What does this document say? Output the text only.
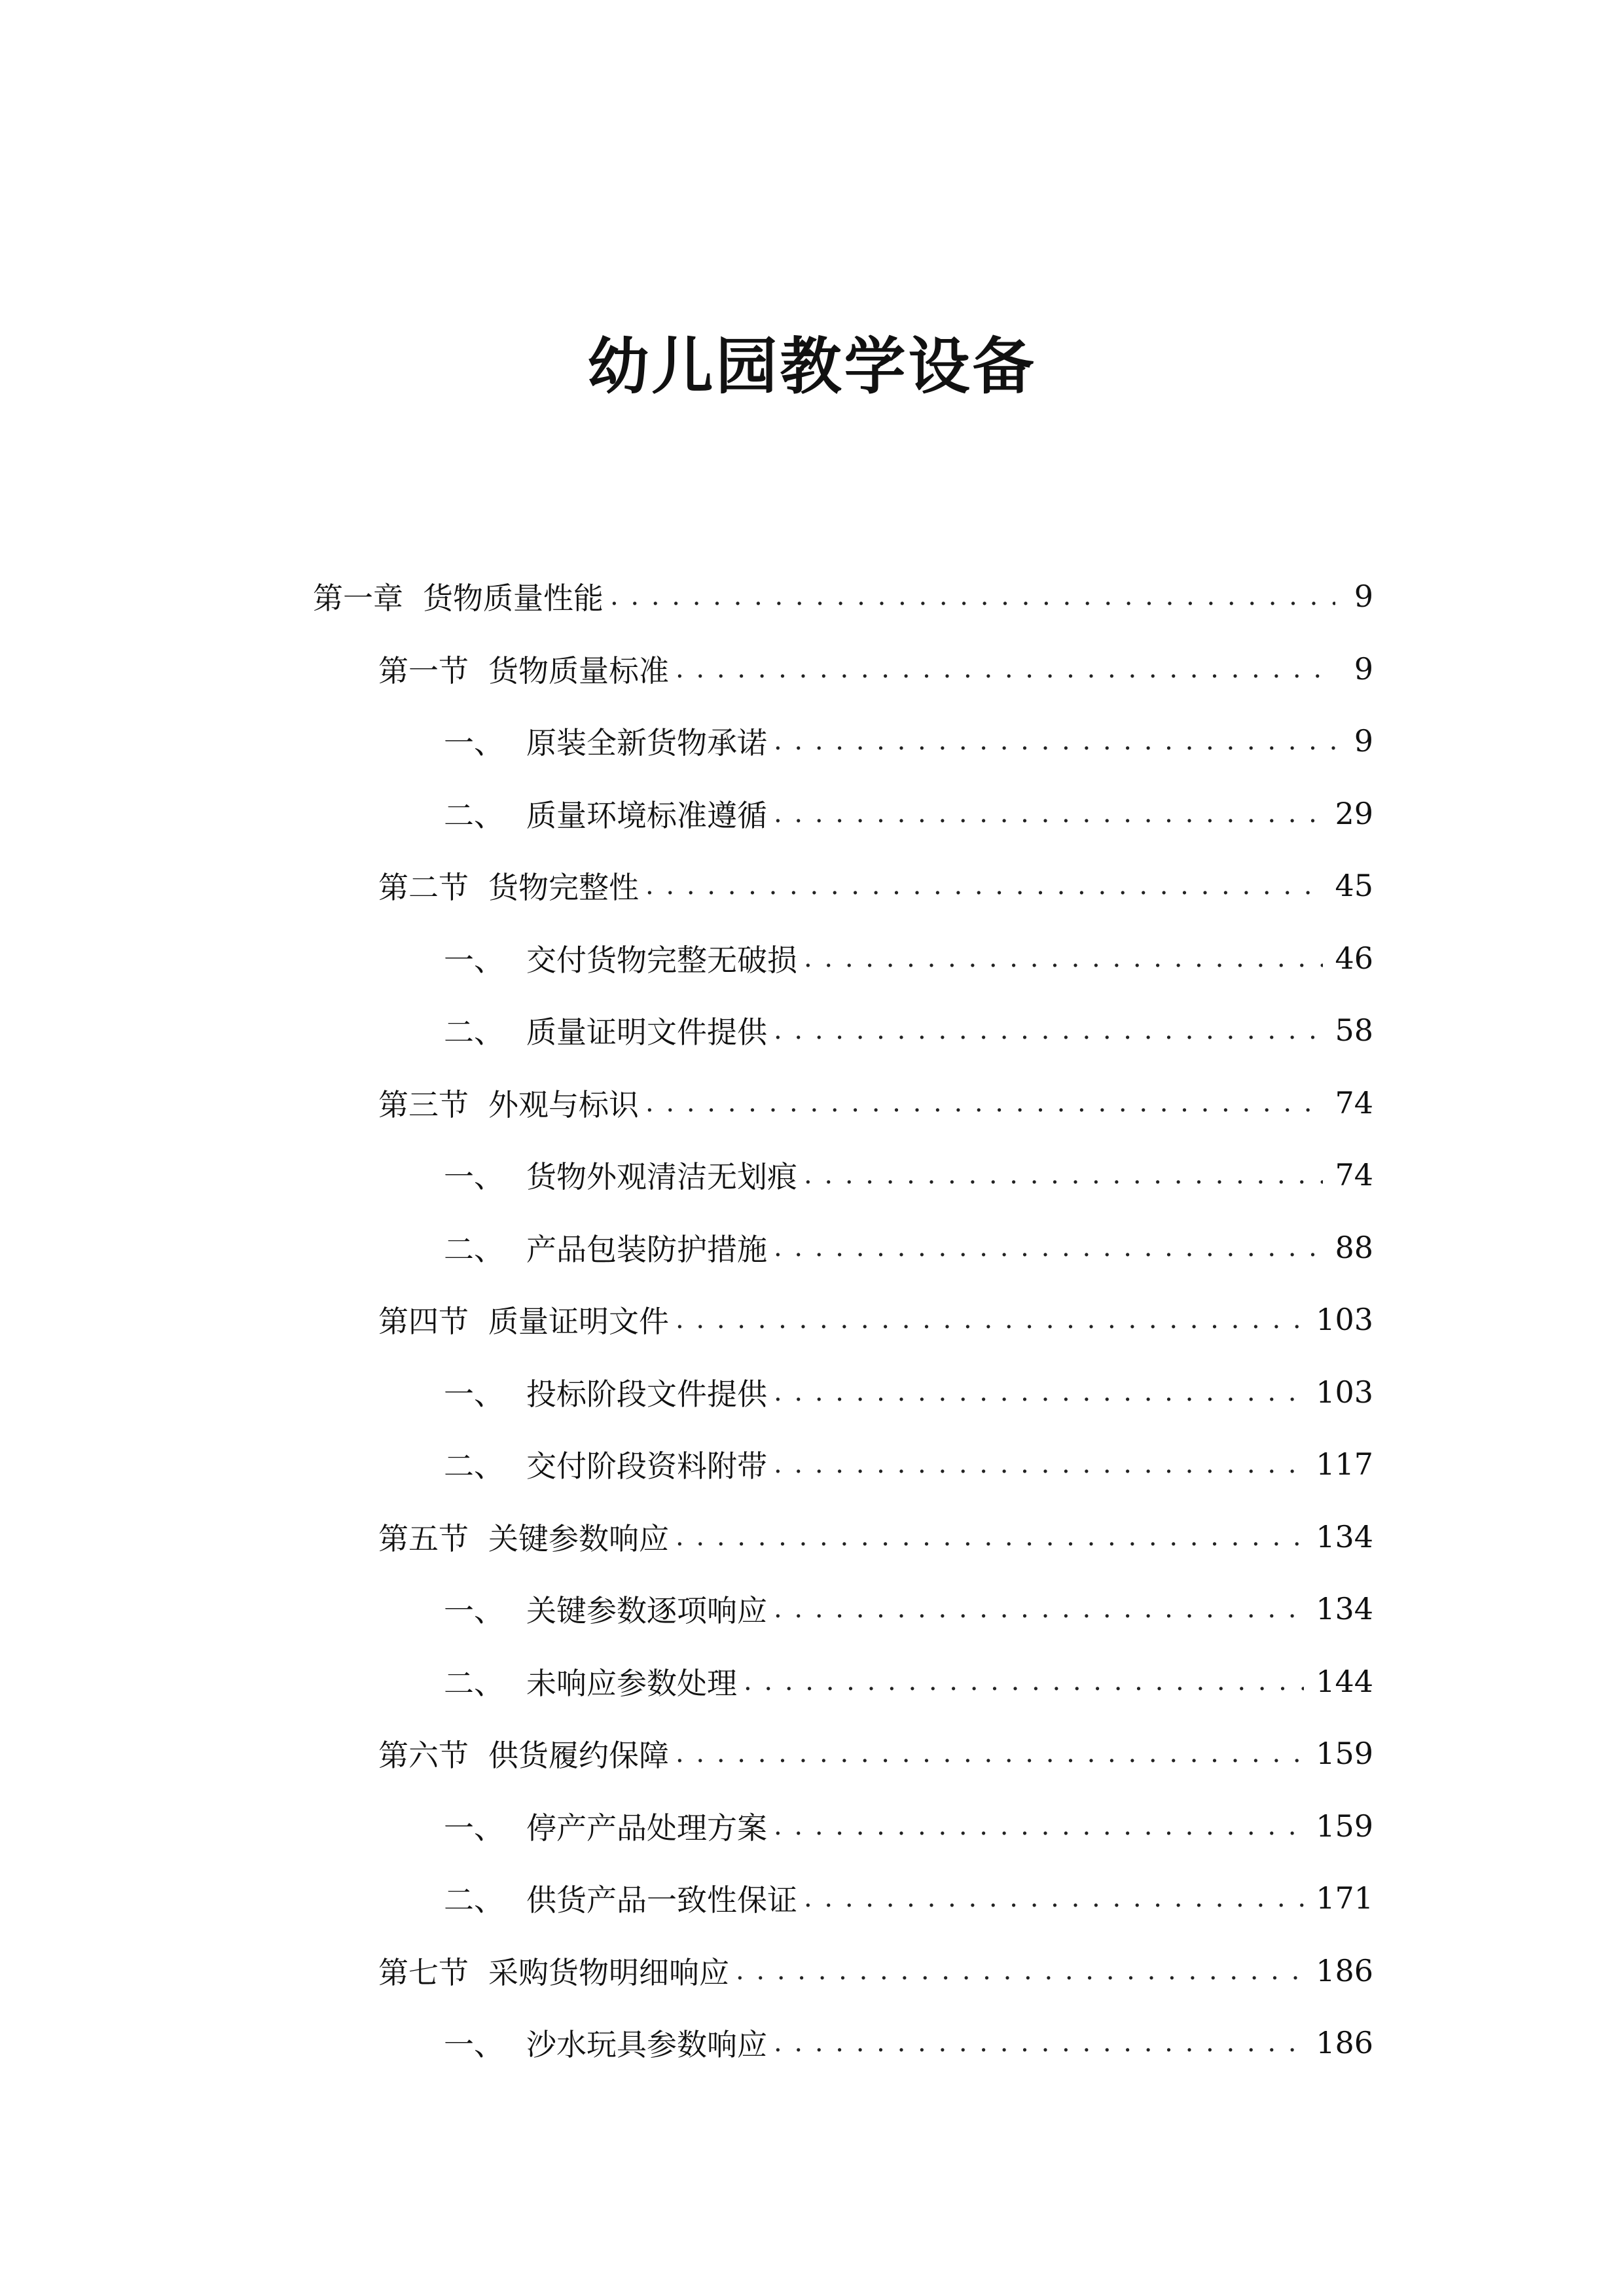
幼儿园教学设备
第一章 货物质量性能 . . .	9
第一节 货物质量标准 . . .	9
一、 原装全新货物承诺 . . .	9
二、 质量环境标准遵循 . . .	29
第二节 货物完整性 . . .	45
一、 交付货物完整无破损 . . .	46
二、 质量证明文件提供 . . .	58
第三节 外观与标识 . . .	74
一、 货物外观清洁无划痕 . . .	74
二、 产品包装防护措施 . . .	88
第四节 质量证明文件 . . .	103
一、 投标阶段文件提供 . . .	103
二、 交付阶段资料附带 . . .	117
第五节 关键参数响应 . . .	134
一、 关键参数逐项响应 . . .	134
二、 未响应参数处理 . . .	144
第六节 供货履约保障 . . .	159
一、 停产产品处理方案 . . .	159
二、 供货产品一致性保证 . . .	171
第七节 采购货物明细响应 . . .	186
一、 沙水玩具参数响应 . . .	186
